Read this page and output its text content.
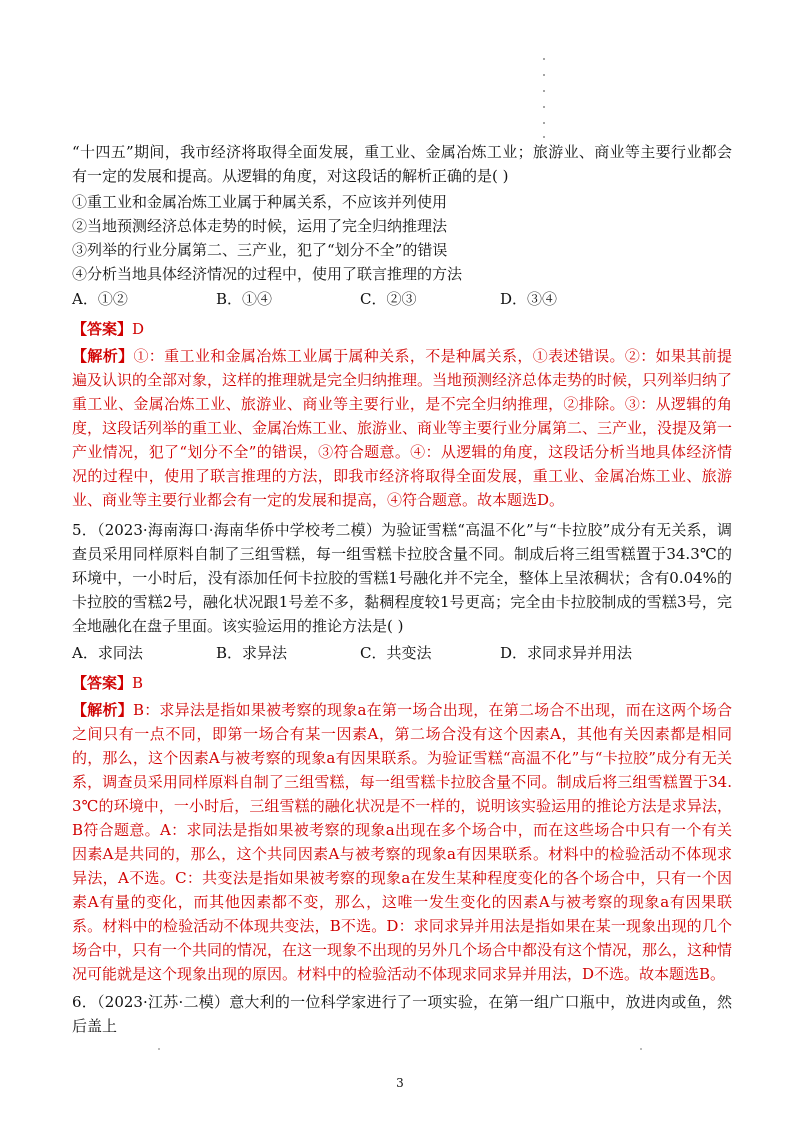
“十四五”期间，我市经济将取得全面发展，重工业、金属冶炼工业；旅游业、商业等主要行业都会有一定的发展和提高。从逻辑的角度，对这段话的解析正确的是( )

①重工业和金属冶炼工业属于种属关系，不应该并列使用

②当地预测经济总体走势的时候，运用了完全归纳推理法

③列举的行业分属第二、三产业，犯了“划分不全”的错误

④分析当地具体经济情况的过程中，使用了联言推理的方法

A．①②	B．①④	C．②③	D．③④

【答案】D

【解析】①：重工业和金属冶炼工业属于属种关系，不是种属关系，①表述错误。②：如果其前提遍及认识的全部对象，这样的推理就是完全归纳推理。当地预测经济总体走势的时候，只列举归纳了重工业、金属冶炼工业、旅游业、商业等主要行业，是不完全归纳推理，②排除。③：从逻辑的角度，这段话列举的重工业、金属冶炼工业、旅游业、商业等主要行业分属第二、三产业，没提及第一产业情况，犯了“划分不全”的错误，③符合题意。④：从逻辑的角度，这段话分析当地具体经济情况的过程中，使用了联言推理的方法，即我市经济将取得全面发展，重工业、金属冶炼工业、旅游业、商业等主要行业都会有一定的发展和提高，④符合题意。故本题选D。

5．（2023·海南海口·海南华侨中学校考二模）为验证雪糕“高温不化”与“卡拉胶”成分有无关系，调查员采用同样原料自制了三组雪糕，每一组雪糕卡拉胶含量不同。制成后将三组雪糕置于34.3℃的环境中，一小时后，没有添加任何卡拉胶的雪糕1号融化并不完全，整体上呈浓稠状；含有0.04%的卡拉胶的雪糕2号，融化状况跟1号差不多，黏稠程度较1号更高；完全由卡拉胶制成的雪糕3号，完全地融化在盘子里面。该实验运用的推论方法是( )

A．求同法	B．求异法	C．共变法	D．求同求异并用法

【答案】B

【解析】B：求异法是指如果被考察的现象a在第一场合出现，在第二场合不出现，而在这两个场合之间只有一点不同，即第一场合有某一因素A，第二场合没有这个因素A，其他有关因素都是相同的，那么，这个因素A与被考察的现象a有因果联系。为验证雪糕“高温不化”与“卡拉胶”成分有无关系，调查员采用同样原料自制了三组雪糕，每一组雪糕卡拉胶含量不同。制成后将三组雪糕置于34.3℃的环境中，一小时后，三组雪糕的融化状况是不一样的，说明该实验运用的推论方法是求异法，B符合题意。A：求同法是指如果被考察的现象a出现在多个场合中，而在这些场合中只有一个有关因素A是共同的，那么，这个共同因素A与被考察的现象a有因果联系。材料中的检验活动不体现求异法，A不选。C：共变法是指如果被考察的现象a在发生某种程度变化的各个场合中，只有一个因素A有量的变化，而其他因素都不变，那么，这唯一发生变化的因素A与被考察的现象a有因果联系。材料中的检验活动不体现共变法，B不选。D：求同求异并用法是指如果在某一现象出现的几个场合中，只有一个共同的情况，在这一现象不出现的另外几个场合中都没有这个情况，那么，这种情况可能就是这个现象出现的原因。材料中的检验活动不体现求同求异并用法，D不选。故本题选B。

6．（2023·江苏·二模）意大利的一位科学家进行了一项实验，在第一组广口瓶中，放进肉或鱼，然后盖上

3
